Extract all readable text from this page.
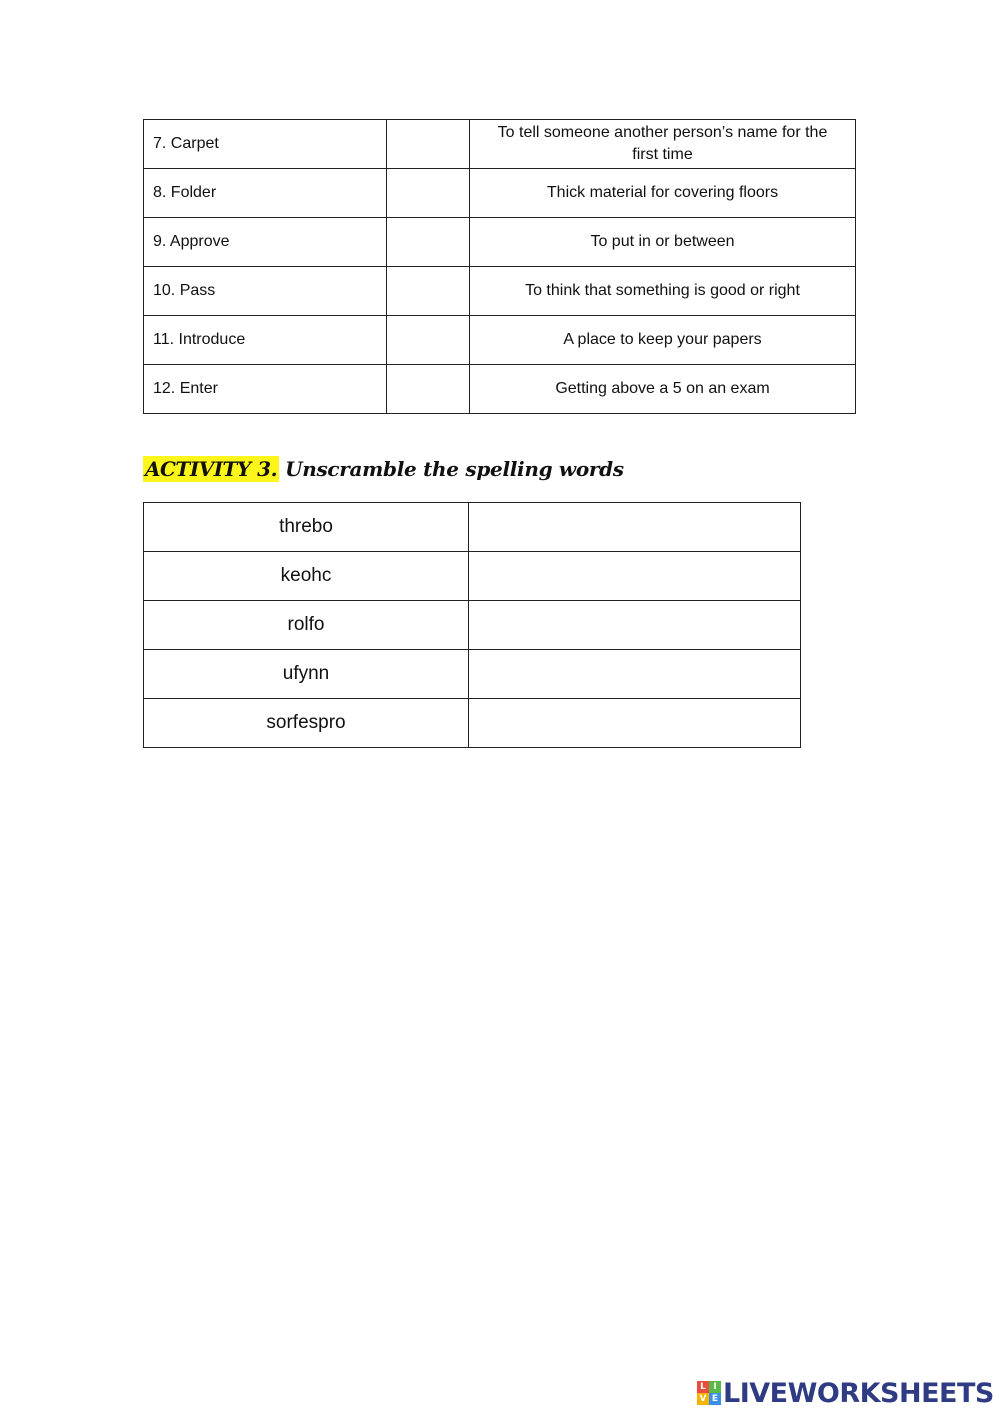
7. Carpet		To tell someone another person’s name for the first time
8. Folder		Thick material for covering floors
9. Approve		To put in or between
10. Pass		To think that something is good or right
11. Introduce		A place to keep your papers
12. Enter		Getting above a 5 on an exam
ACTIVITY 3. Unscramble the spelling words
threbo	
keohc	
rolfo	
ufynn	
sorfespro	
L I
V E LIVEWORKSHEETS
